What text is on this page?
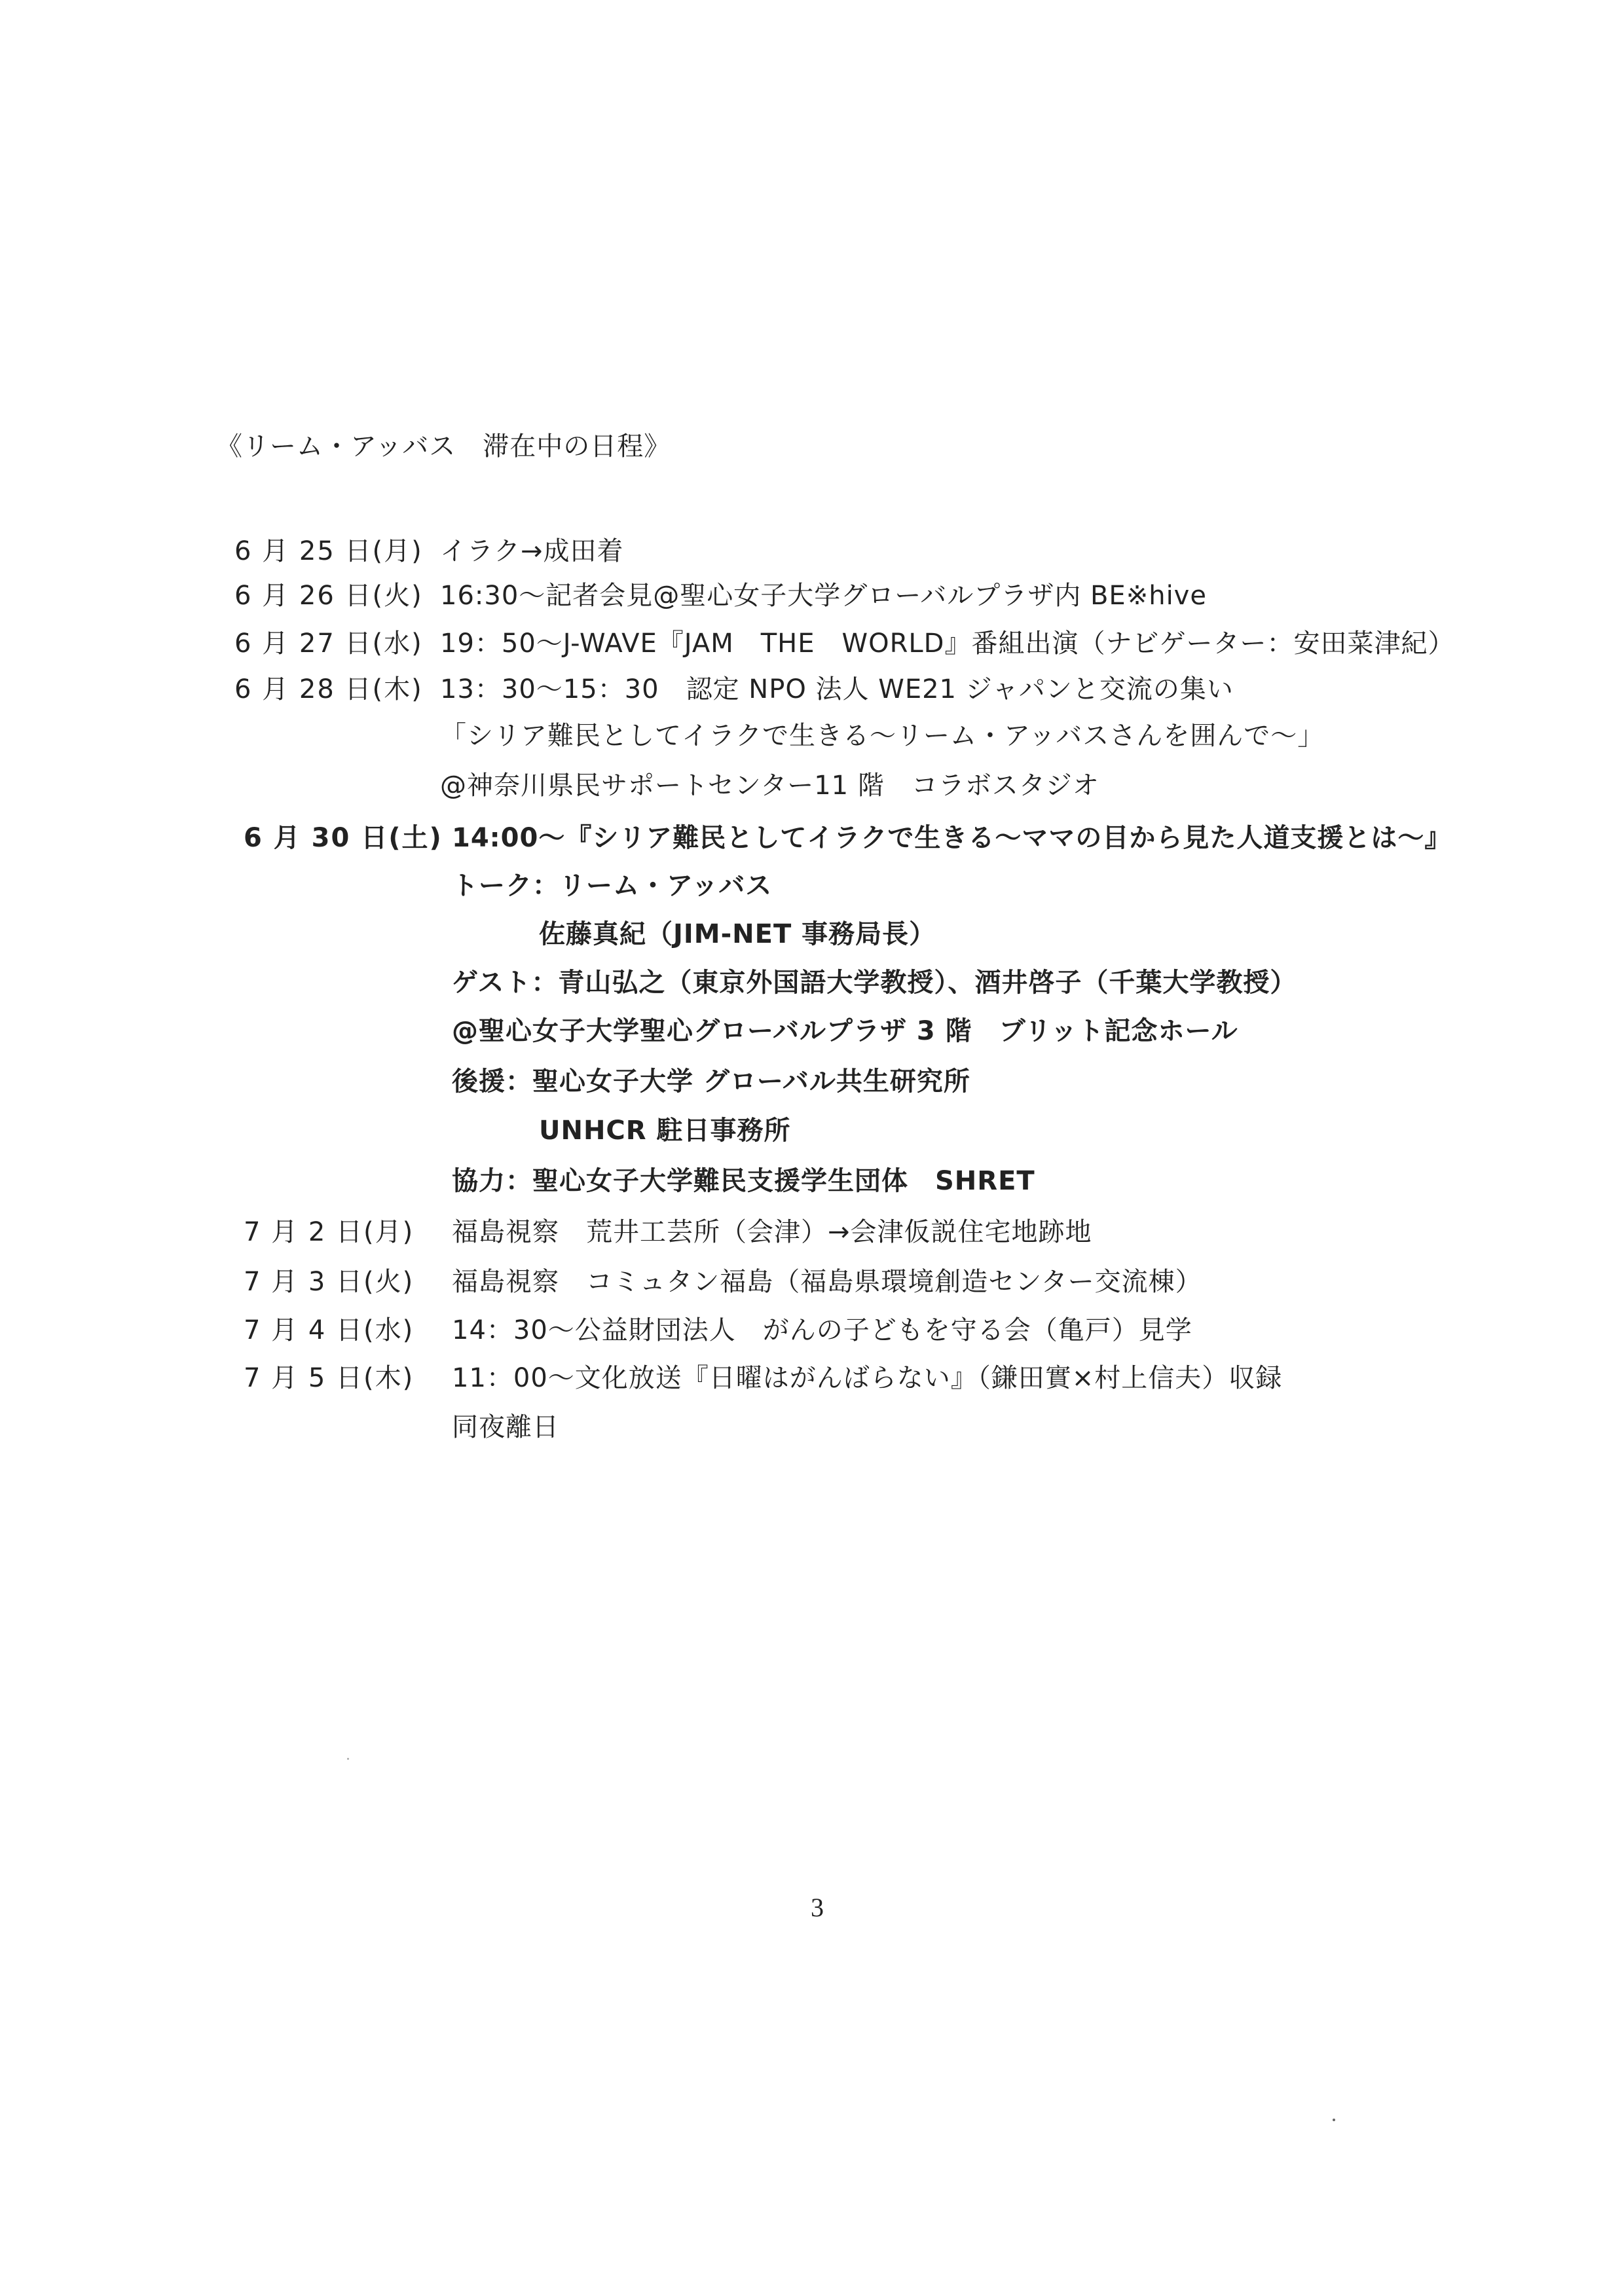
《リーム・アッバス　滞在中の日程》
6 月 25 日(月) イラク→成田着
6 月 26 日(火) 16:30～記者会見@聖心女子大学グローバルプラザ内 BE※hive
6 月 27 日(水) 19：50～J-WAVE『JAM　THE　WORLD』番組出演（ナビゲーター：安田菜津紀）
6 月 28 日(木) 13：30～15：30　認定 NPO 法人 WE21 ジャパンと交流の集い
「シリア難民としてイラクで生きる～リーム・アッバスさんを囲んで～」
@神奈川県民サポートセンター11 階　コラボスタジオ
6 月 30 日(土) 14:00～『シリア難民としてイラクで生きる～ママの目から見た人道支援とは～』
トーク：リーム・アッバス
佐藤真紀（JIM-NET 事務局長）
ゲスト：青山弘之（東京外国語大学教授）、酒井啓子（千葉大学教授）
@聖心女子大学聖心グローバルプラザ 3 階　ブリット記念ホール
後援：聖心女子大学 グローバル共生研究所
UNHCR 駐日事務所
協力：聖心女子大学難民支援学生団体　SHRET
7 月 2 日(月) 福島視察　荒井工芸所（会津）→会津仮説住宅地跡地
7 月 3 日(火) 福島視察　コミュタン福島（福島県環境創造センター交流棟）
7 月 4 日(水) 14：30～公益財団法人　がんの子どもを守る会（亀戸）見学
7 月 5 日(木) 11：00～文化放送『日曜はがんばらない』（鎌田實×村上信夫）収録
同夜離日
3
